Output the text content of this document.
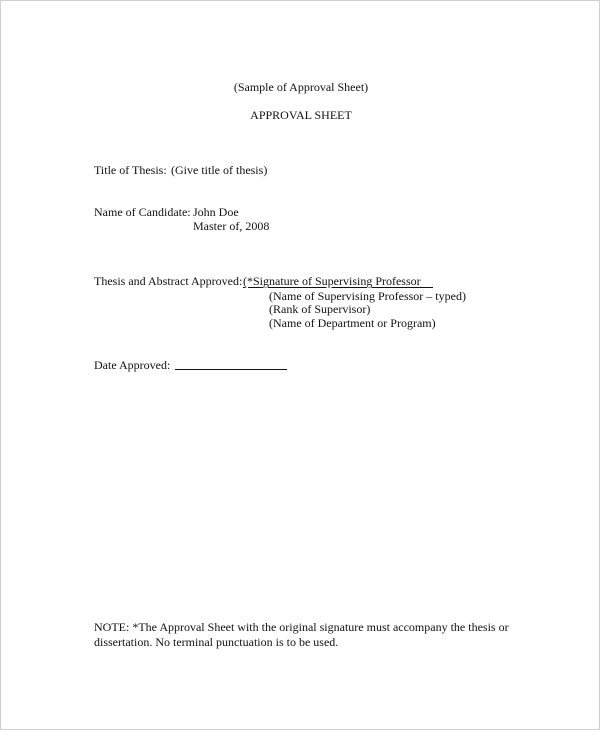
(Sample of Approval Sheet)
APPROVAL SHEET
Title of Thesis: (Give title of thesis)
Name of Candidate: John Doe
Master of, 2008
Thesis and Abstract Approved: (*Signature of Supervising Professor
(Name of Supervising Professor – typed)
(Rank of Supervisor)
(Name of Department or Program)
Date Approved:

NOTE: *The Approval Sheet with the original signature must accompany the thesis or

dissertation. No terminal punctuation is to be used.
